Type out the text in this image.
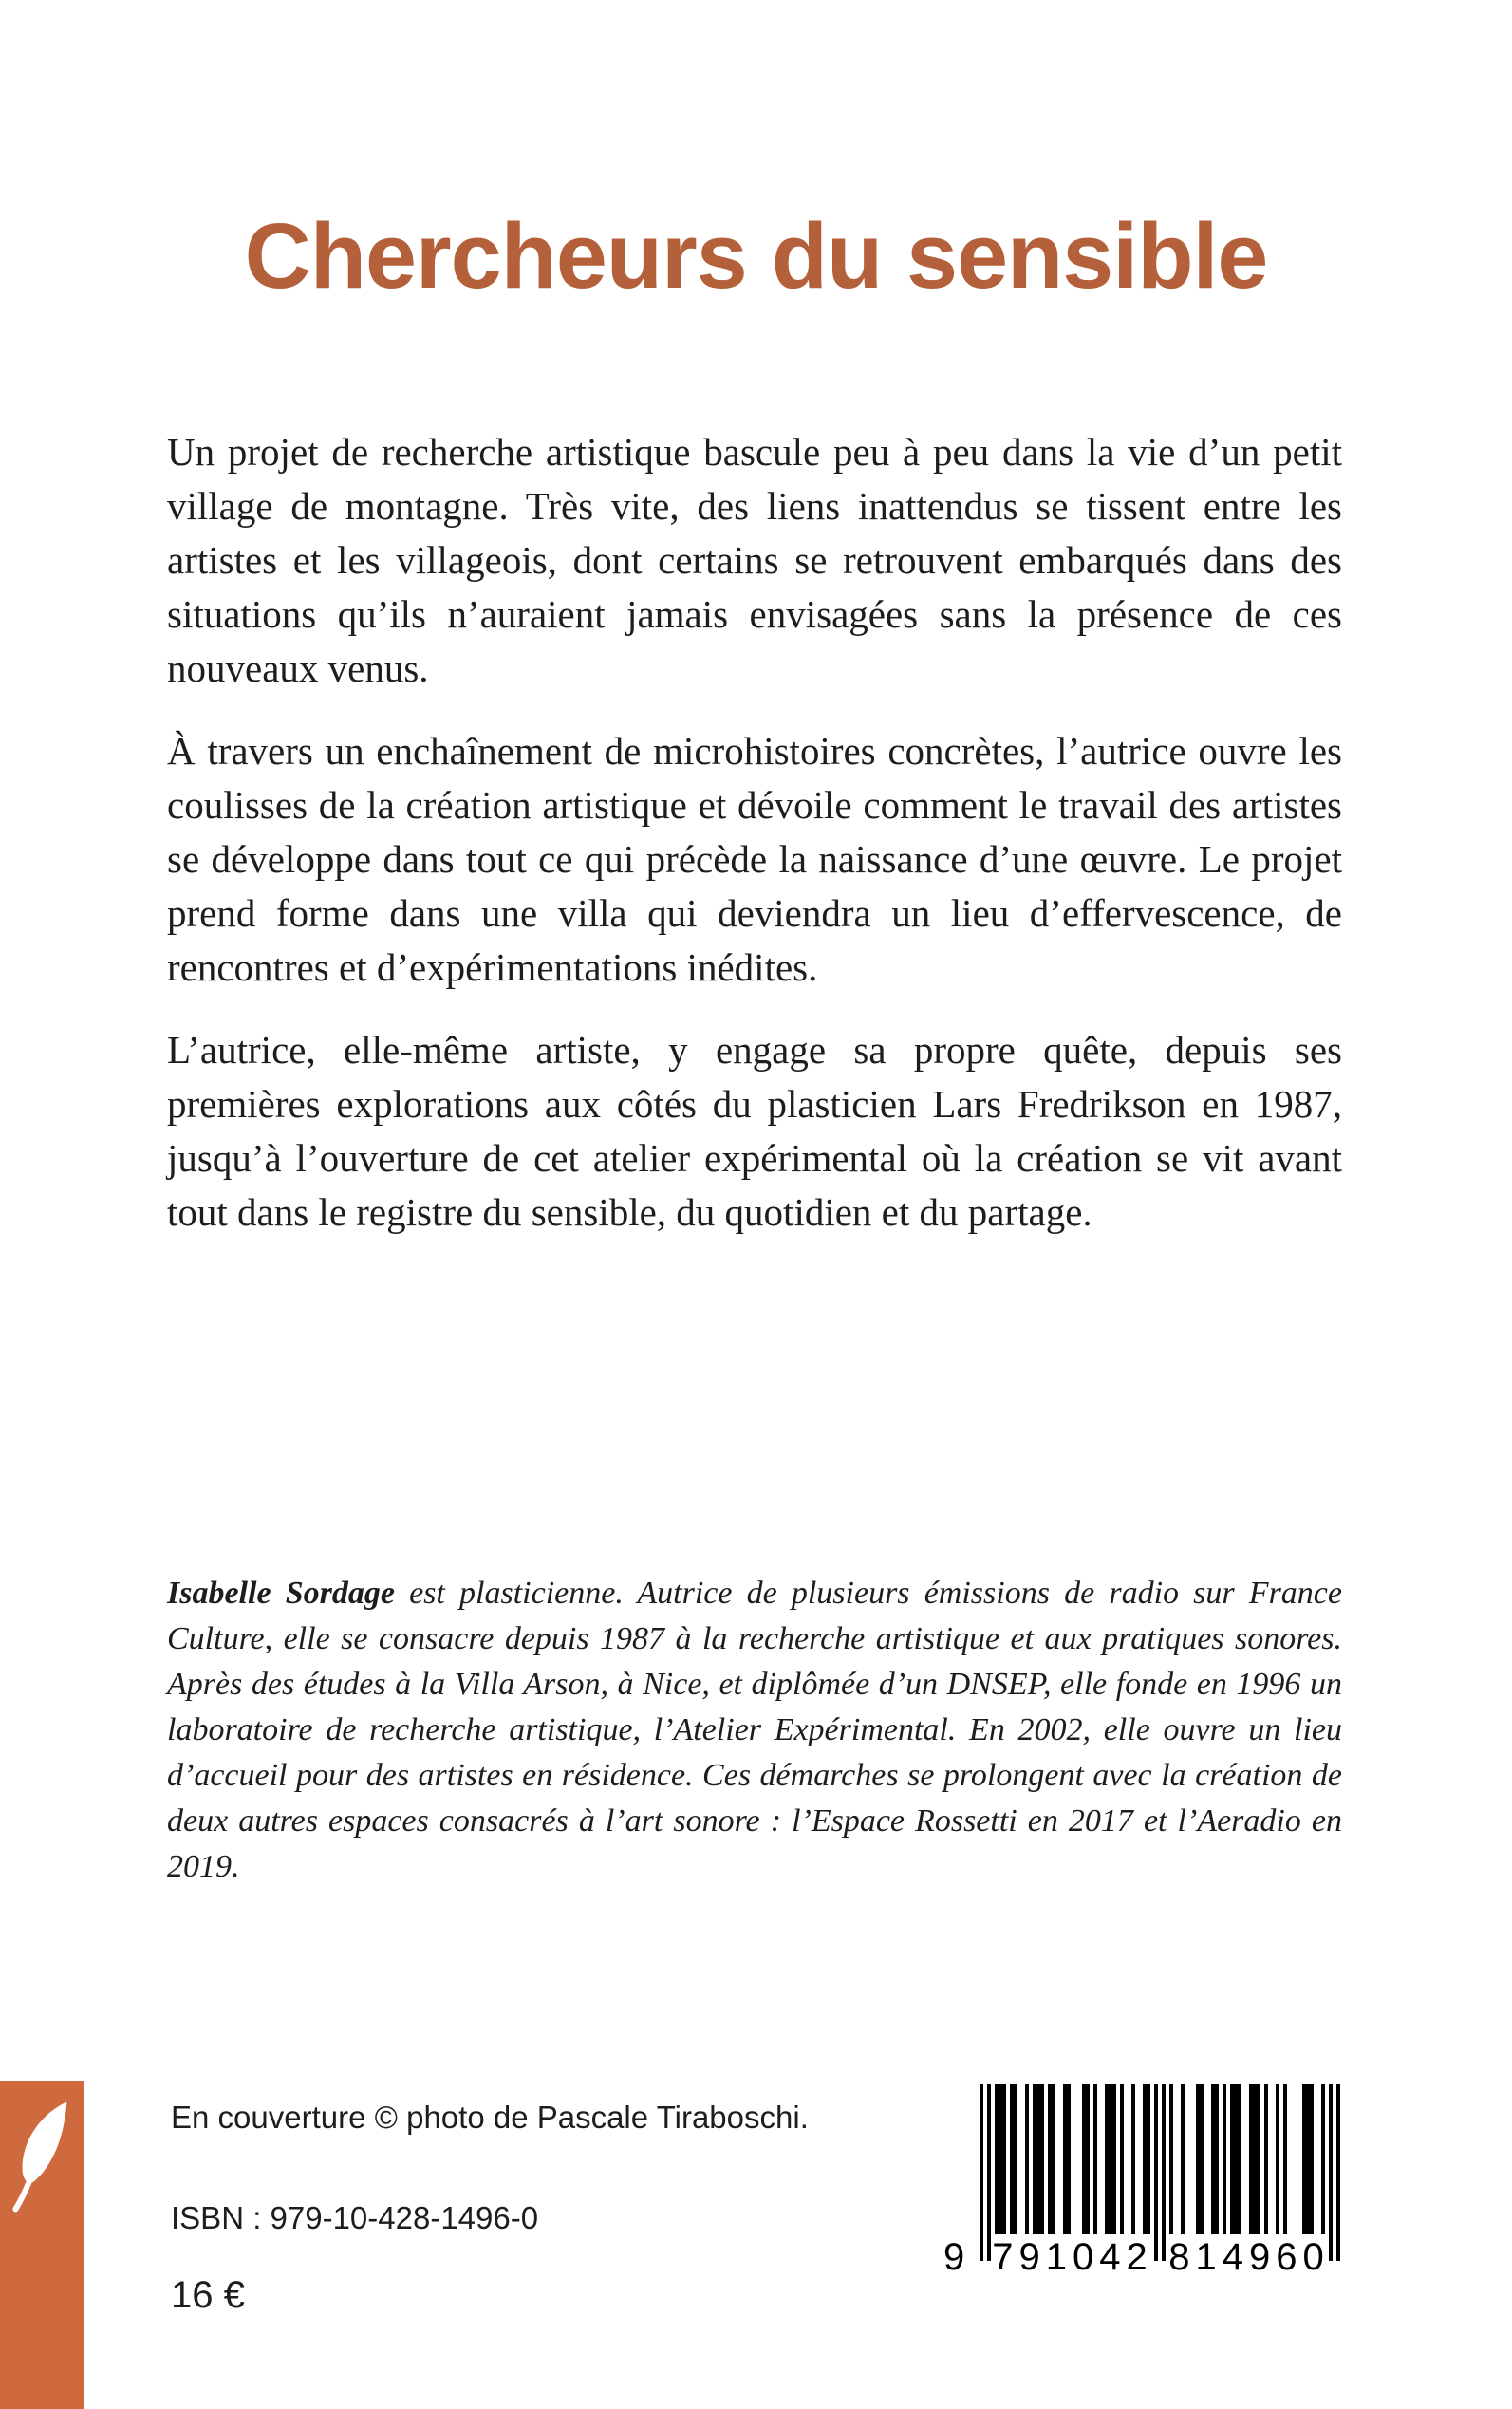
Chercheurs du sensible

Un projet de recherche artistique bascule peu à peu dans la vie d’un petit village de montagne. Très vite, des liens inattendus se tissent entre les artistes et les villageois, dont certains se retrouvent embarqués dans des situations qu’ils n’auraient jamais envisagées sans la présence de ces nouveaux venus.

À travers un enchaînement de microhistoires concrètes, l’autrice ouvre les coulisses de la création artistique et dévoile comment le travail des artistes se développe dans tout ce qui précède la naissance d’une œuvre. Le projet prend forme dans une villa qui deviendra un lieu d’effervescence, de rencontres et d’expérimentations inédites.

L’autrice, elle-même artiste, y engage sa propre quête, depuis ses premières explorations aux côtés du plasticien Lars Fredrikson en 1987, jusqu’à l’ouverture de cet atelier expérimental où la création se vit avant tout dans le registre du sensible, du quotidien et du partage.

Isabelle Sordage est plasticienne. Autrice de plusieurs émissions de radio sur France Culture, elle se consacre depuis 1987 à la recherche artistique et aux pratiques sonores. Après des études à la Villa Arson, à Nice, et diplômée d’un DNSEP, elle fonde en 1996 un laboratoire de recherche artistique, l’Atelier Expérimental. En 2002, elle ouvre un lieu d’accueil pour des artistes en résidence. Ces démarches se prolongent avec la création de deux autres espaces consacrés à l’art sonore : l’Espace Rossetti en 2017 et l’Aeradio en 2019.
En couverture © photo de Pascale Tiraboschi.
ISBN : 979-10-428-1496-0
16 €
9 791042 814960
